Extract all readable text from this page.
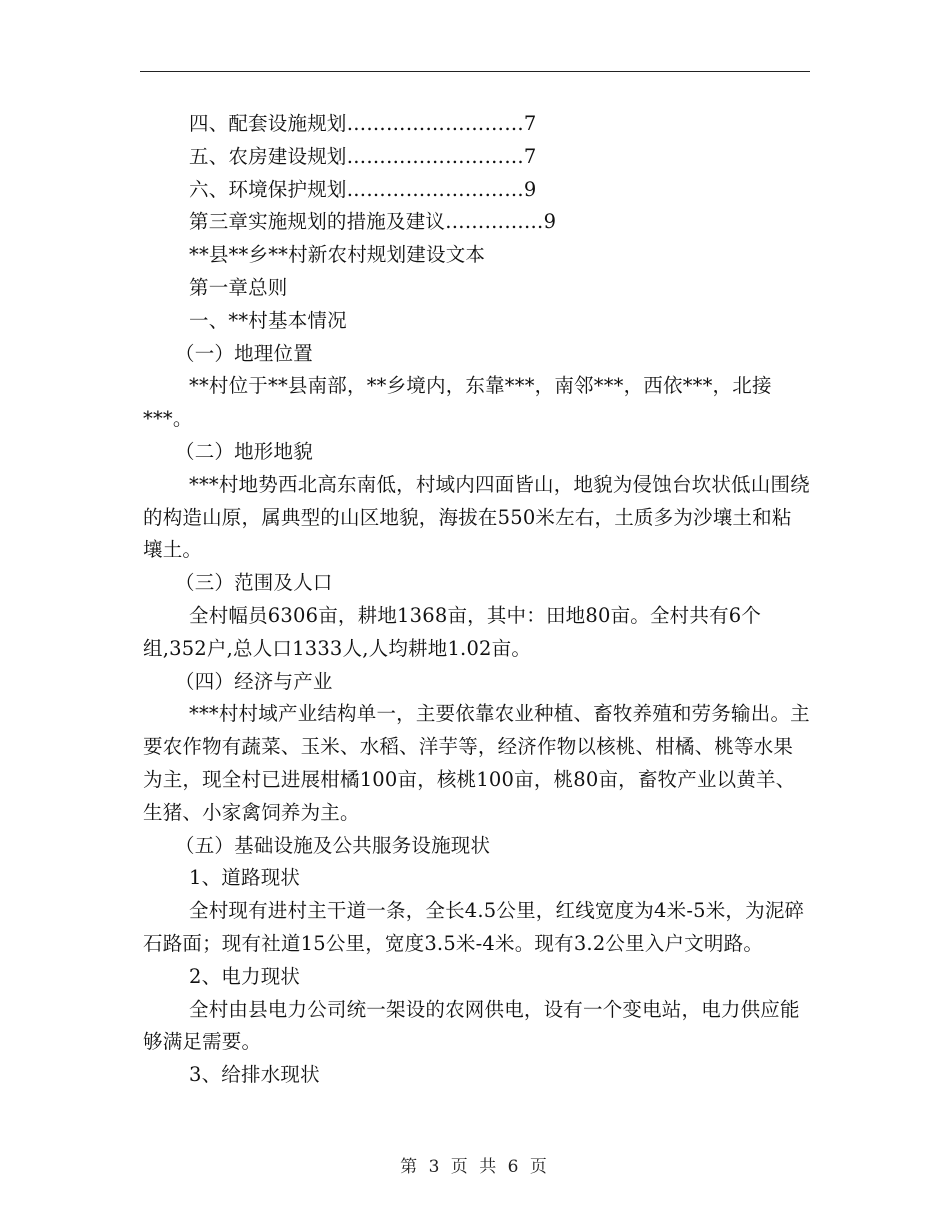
四、配套设施规划………………………7
五、农房建设规划………………………7
六、环境保护规划………………………9
第三章实施规划的措施及建议……………9
**县**乡**村新农村规划建设文本
第一章总则
一、**村基本情况
（一）地理位置
**村位于**县南部，**乡境内，东靠***，南邻***，西依***，北接***。
（二）地形地貌
***村地势西北高东南低，村域内四面皆山，地貌为侵蚀台坎状低山围绕的构造山原，属典型的山区地貌，海拔在550米左右，土质多为沙壤土和粘壤土。
（三）范围及人口
全村幅员6306亩，耕地1368亩，其中：田地80亩。全村共有6个组,352户,总人口1333人,人均耕地1.02亩。
（四）经济与产业
***村村域产业结构单一，主要依靠农业种植、畜牧养殖和劳务输出。主要农作物有蔬菜、玉米、水稻、洋芋等，经济作物以核桃、柑橘、桃等水果为主，现全村已进展柑橘100亩，核桃100亩，桃80亩，畜牧产业以黄羊、生猪、小家禽饲养为主。
（五）基础设施及公共服务设施现状
1、道路现状
全村现有进村主干道一条，全长4.5公里，红线宽度为4米-5米，为泥碎石路面；现有社道15公里，宽度3.5米-4米。现有3.2公里入户文明路。
2、电力现状
全村由县电力公司统一架设的农网供电，设有一个变电站，电力供应能够满足需要。
3、给排水现状
第 3 页 共 6 页
